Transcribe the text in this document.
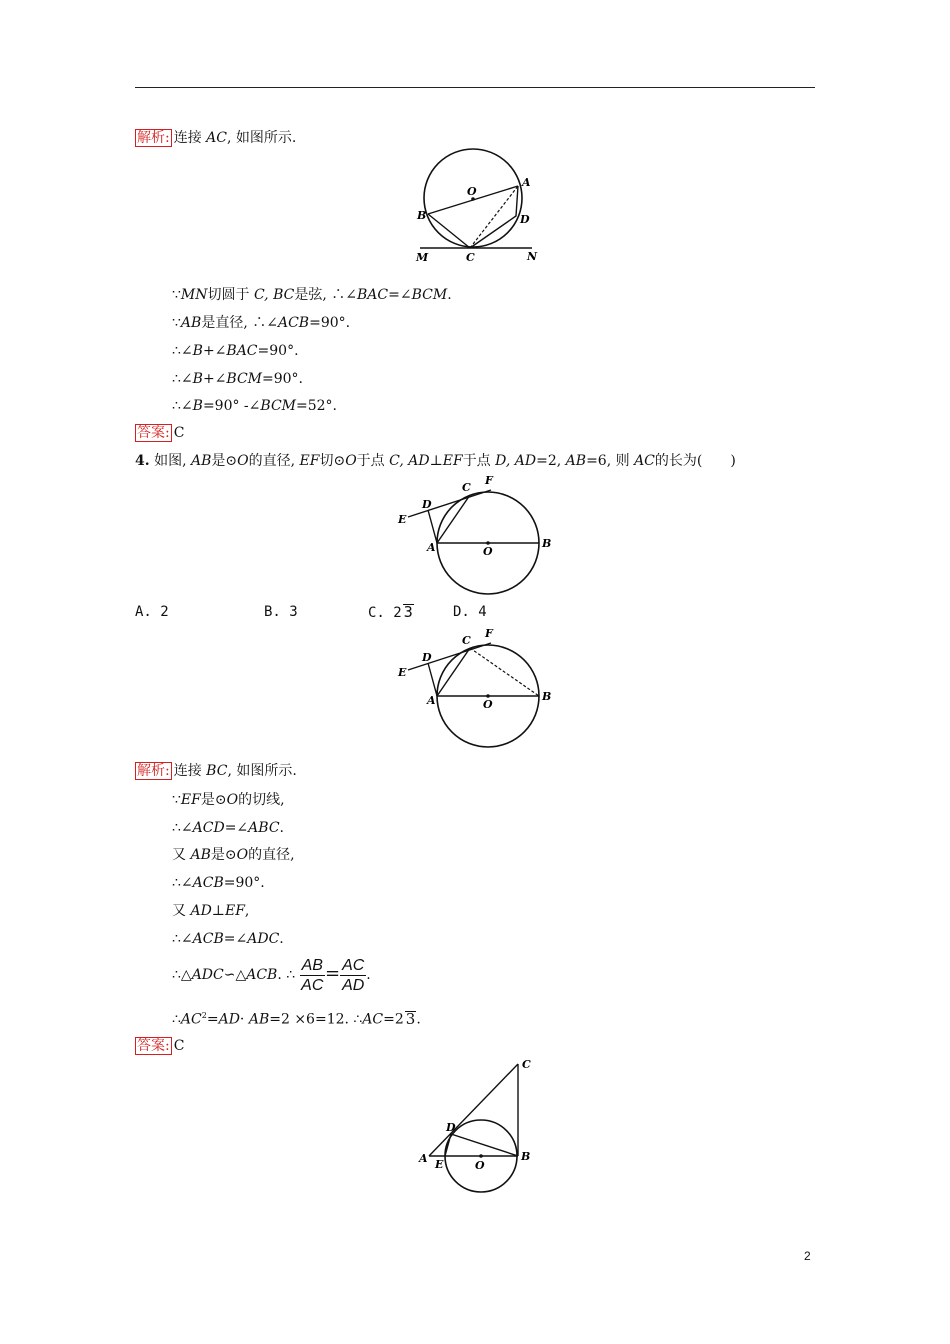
解析: 连接 AC, 如图所示.
O
A
B	D
M	C	N
∵MN切圆于 C, BC是弦, ∴∠BAC=∠BCM.
∵AB是直径, ∴∠ACB=90°.
∴∠B+∠BAC=90°.
∴∠B+∠BCM=90°.
∴∠B=90° -∠BCM=52°.
答案: C
4. 如图, AB是⊙O的直径, EF切⊙O于点 C, AD⊥EF于点 D, AD=2, AB=6, 则 AC的长为(　　)
D
C
F
E
A	O
B
A. 2	B. 3	C. 2 3	D. 4
D
C
F
E
A	O
B
解析: 连接 BC, 如图所示.
∵EF是⊙O的切线,
∴∠ACD=∠ABC.
又 AB是⊙O的直径,
∴∠ACB=90°.
又 AD⊥EF,
∴∠ACB=∠ADC.
∴△ADC∽△ACB. ∴ $\frac{AB}{AC}= \frac{AC}{AD}$.
$\therefore AC^2=AD\cdot AB=2 \times 6=12$. ∴AC=2 3.
答案: C
C
D
A E	O
B
2
